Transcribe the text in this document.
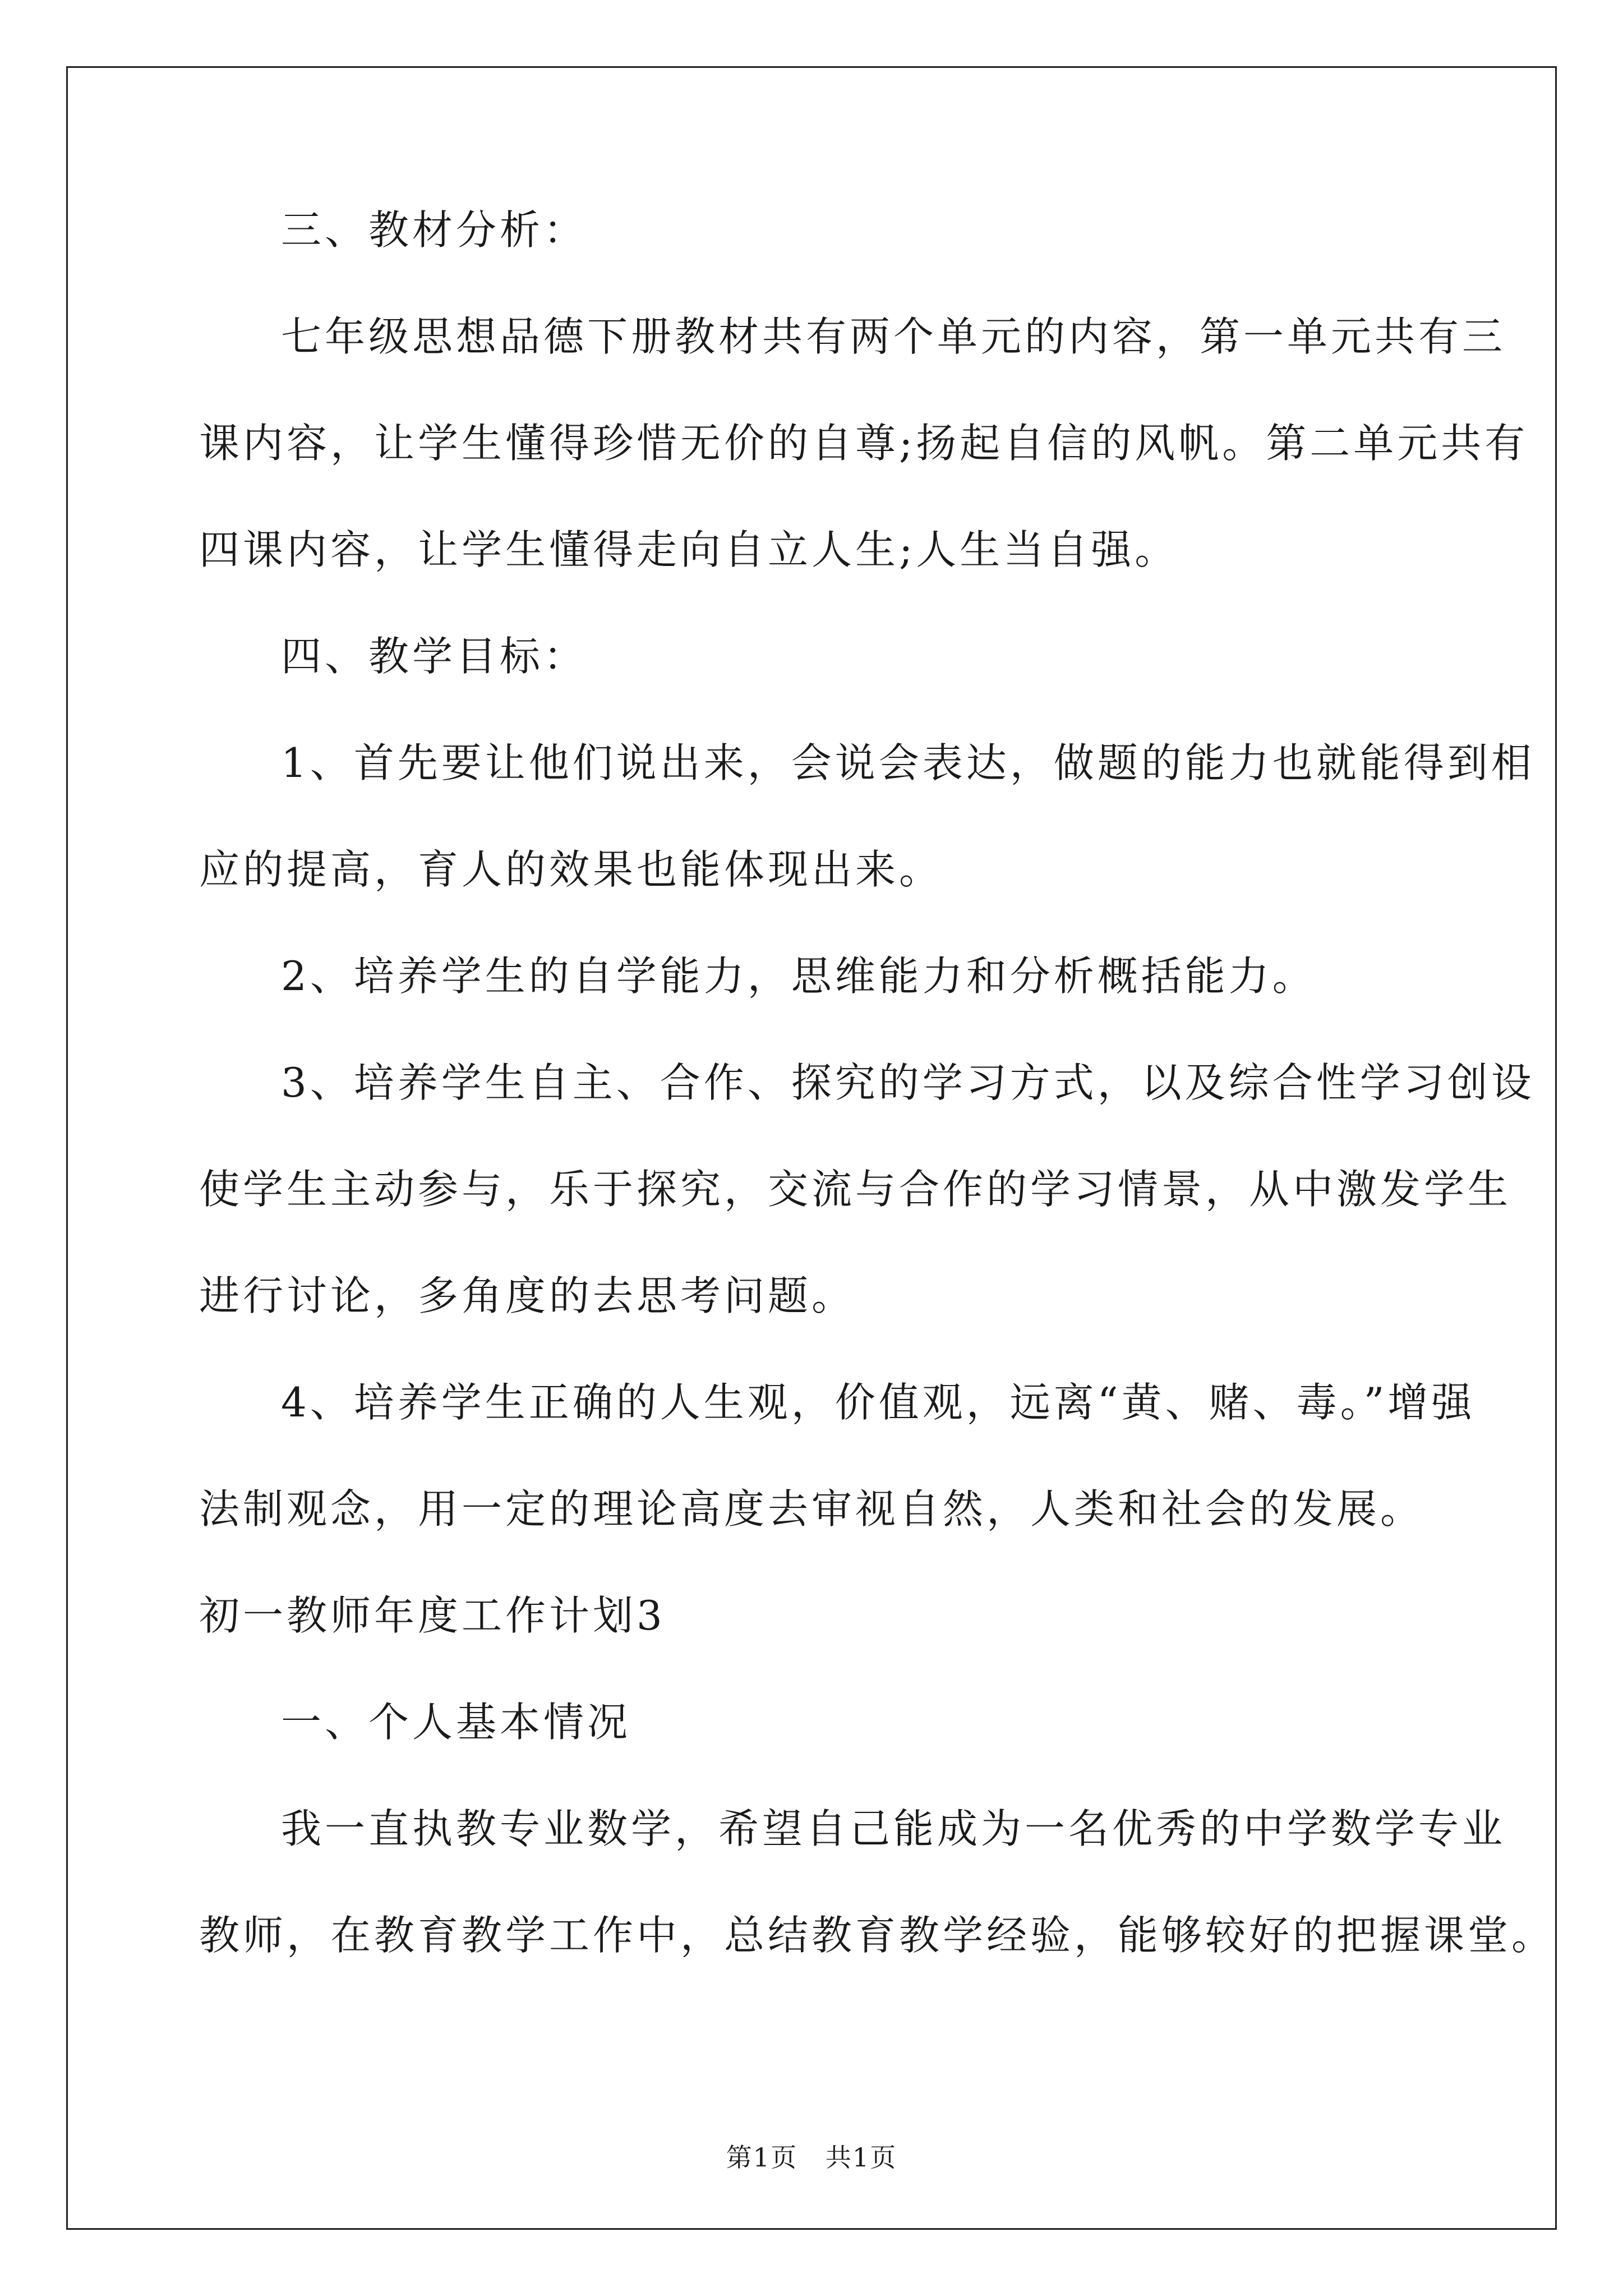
三、教材分析：
七年级思想品德下册教材共有两个单元的内容，第一单元共有三
课内容，让学生懂得珍惜无价的自尊;扬起自信的风帆。第二单元共有
四课内容，让学生懂得走向自立人生;人生当自强。
四、教学目标：
1、首先要让他们说出来，会说会表达，做题的能力也就能得到相
应的提高，育人的效果也能体现出来。
2、培养学生的自学能力，思维能力和分析概括能力。
3、培养学生自主、合作、探究的学习方式，以及综合性学习创设
使学生主动参与，乐于探究，交流与合作的学习情景，从中激发学生
进行讨论，多角度的去思考问题。
4、培养学生正确的人生观，价值观，远离“黄、赌、毒。”增强
法制观念，用一定的理论高度去审视自然，人类和社会的发展。
初一教师年度工作计划3
一、个人基本情况
我一直执教专业数学，希望自己能成为一名优秀的中学数学专业
教师，在教育教学工作中，总结教育教学经验，能够较好的把握课堂。
第1页   共1页
